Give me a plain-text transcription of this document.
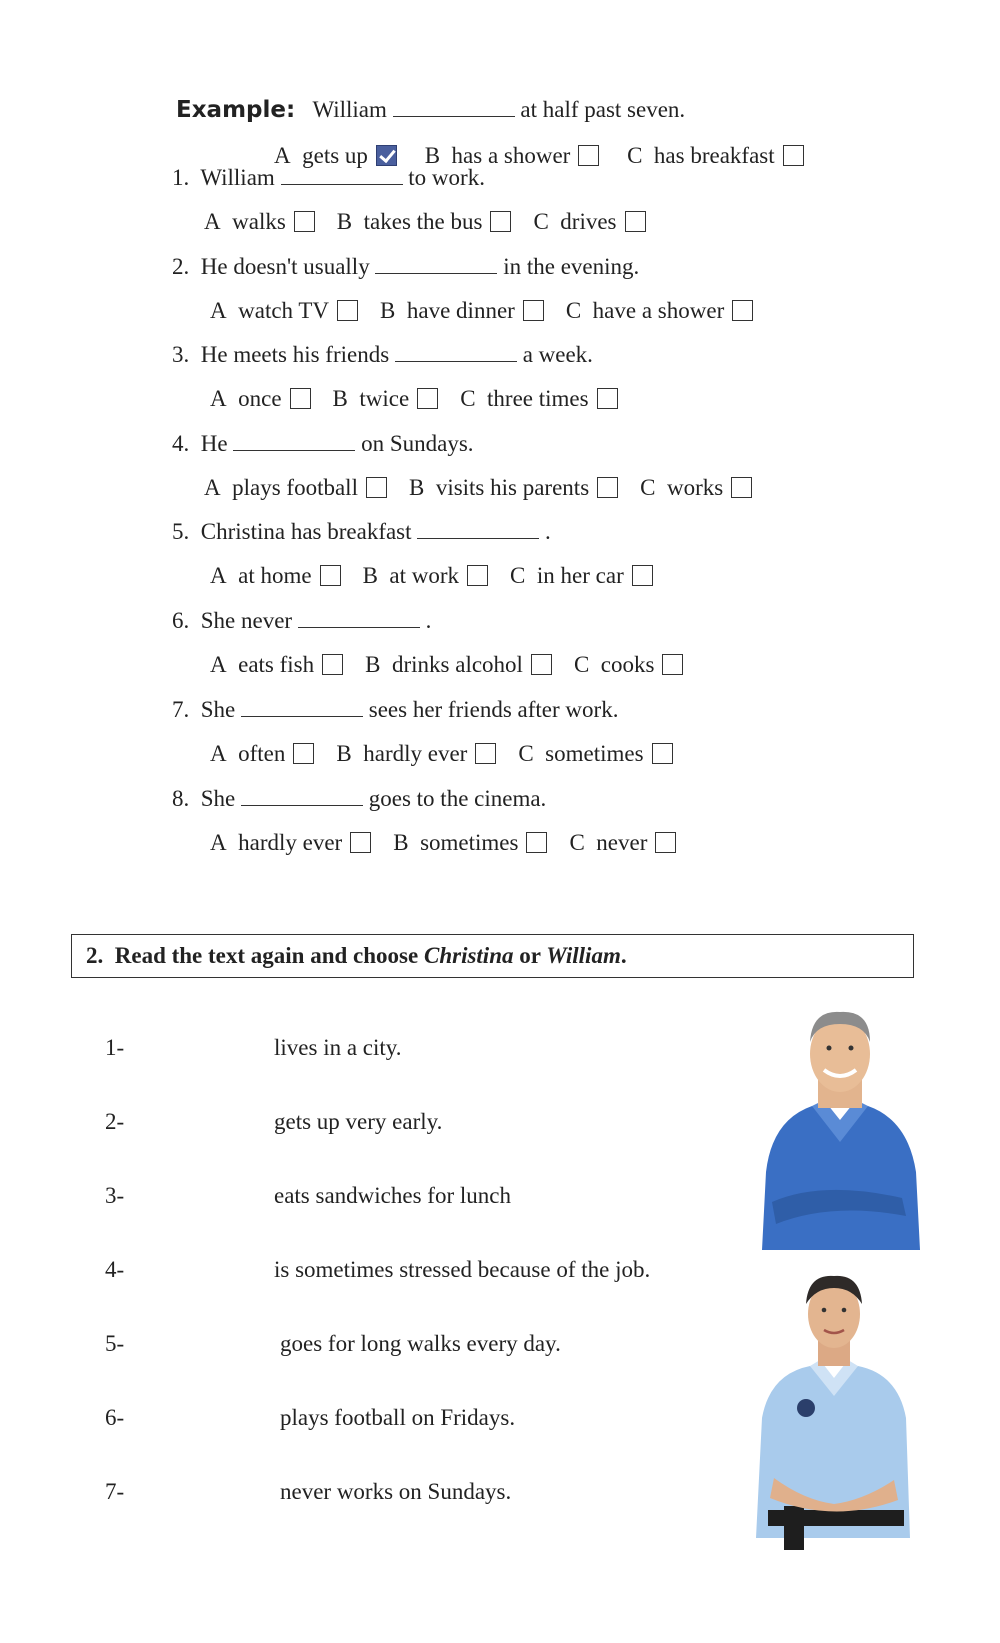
Example: William	at half past seven.
A gets up B has a shower C has breakfast
1. William	to work.
A walks B takes the bus C drives
2. He doesn't usually	in the evening.
A watch TV B have dinner C have a shower
3. He meets his friends	a week.
A once B twice C three times
4. He	on Sundays.
A plays football B visits his parents C works
5. Christina has breakfast	.
A at home B at work C in her car
6. She never	.
A eats fish B drinks alcohol C cooks
7. She	sees her friends after work.
A often B hardly ever C sometimes
8. She	goes to the cinema.
A hardly ever B sometimes C never
2. Read the text again and choose Christina or William.
1-	lives in a city.
2-	gets up very early.
3-	eats sandwiches for lunch
4-	is sometimes stressed because of the job.
5-	goes for long walks every day.
6-	plays football on Fridays.
7-	never works on Sundays.
